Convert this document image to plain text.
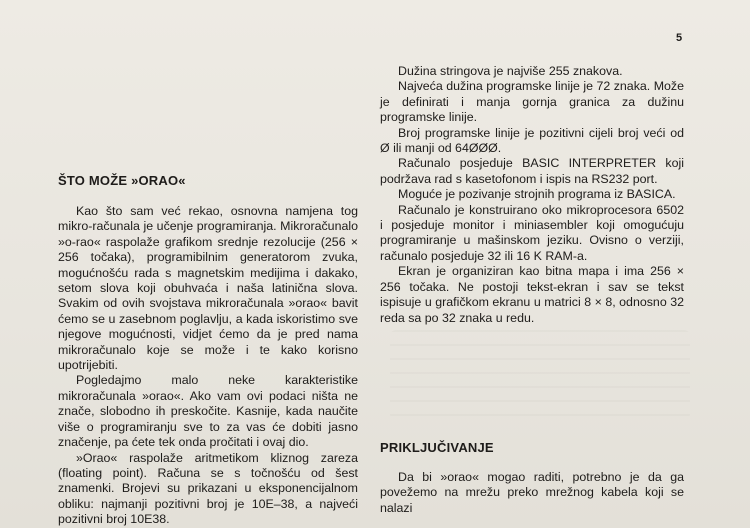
5
ŠTO MOŽE »ORAO«

Kao što sam već rekao, osnovna namjena tog mikro-računala je učenje programiranja. Mikroračunalo »o-rao« raspolaže grafikom srednje rezolucije (256 × 256 točaka), programibilnim generatorom zvuka, mogućnošću rada s magnetskim medijima i dakako, setom slova koji obuhvaća i naša latinična slova. Svakim od ovih svojstava mikroračunala »orao« bavit ćemo se u zasebnom poglavlju, a kada iskoristimo sve njegove mogućnosti, vidjet ćemo da je pred nama mikroračunalo koje se može i te kako korisno upotrijebiti.

Pogledajmo malo neke karakteristike mikroračunala »orao«. Ako vam ovi podaci ništa ne znače, slobodno ih preskočite. Kasnije, kada naučite više o programiranju sve to za vas će dobiti jasno značenje, pa ćete tek onda pročitati i ovaj dio.

»Orao« raspolaže aritmetikom kliznog zareza (floating point). Računa se s točnošću od šest znamenki. Brojevi su prikazani u eksponencijalnom obliku: najmanji pozitivni broj je 10E–38, a najveći pozitivni broj 10E38.

Dužina stringova je najviše 255 znakova.

Najveća dužina programske linije je 72 znaka. Može je definirati i manja gornja granica za dužinu programske linije.

Broj programske linije je pozitivni cijeli broj veći od Ø ili manji od 64ØØØ.

Računalo posjeduje BASIC INTERPRETER koji podržava rad s kasetofonom i ispis na RS232 port.

Moguće je pozivanje strojnih programa iz BASICA.

Računalo je konstruirano oko mikroprocesora 6502 i posjeduje monitor i miniasembler koji omogućuju programiranje u mašinskom jeziku. Ovisno o verziji, računalo posjeduje 32 ili 16 K RAM-a.

Ekran je organiziran kao bitna mapa i ima 256 × 256 točaka. Ne postoji tekst-ekran i sav se tekst ispisuje u grafičkom ekranu u matrici 8 × 8, odnosno 32 reda sa po 32 znaka u redu.

PRIKLJUČIVANJE

Da bi »orao« mogao raditi, potrebno je da ga povežemo na mrežu preko mrežnog kabela koji se nalazi
